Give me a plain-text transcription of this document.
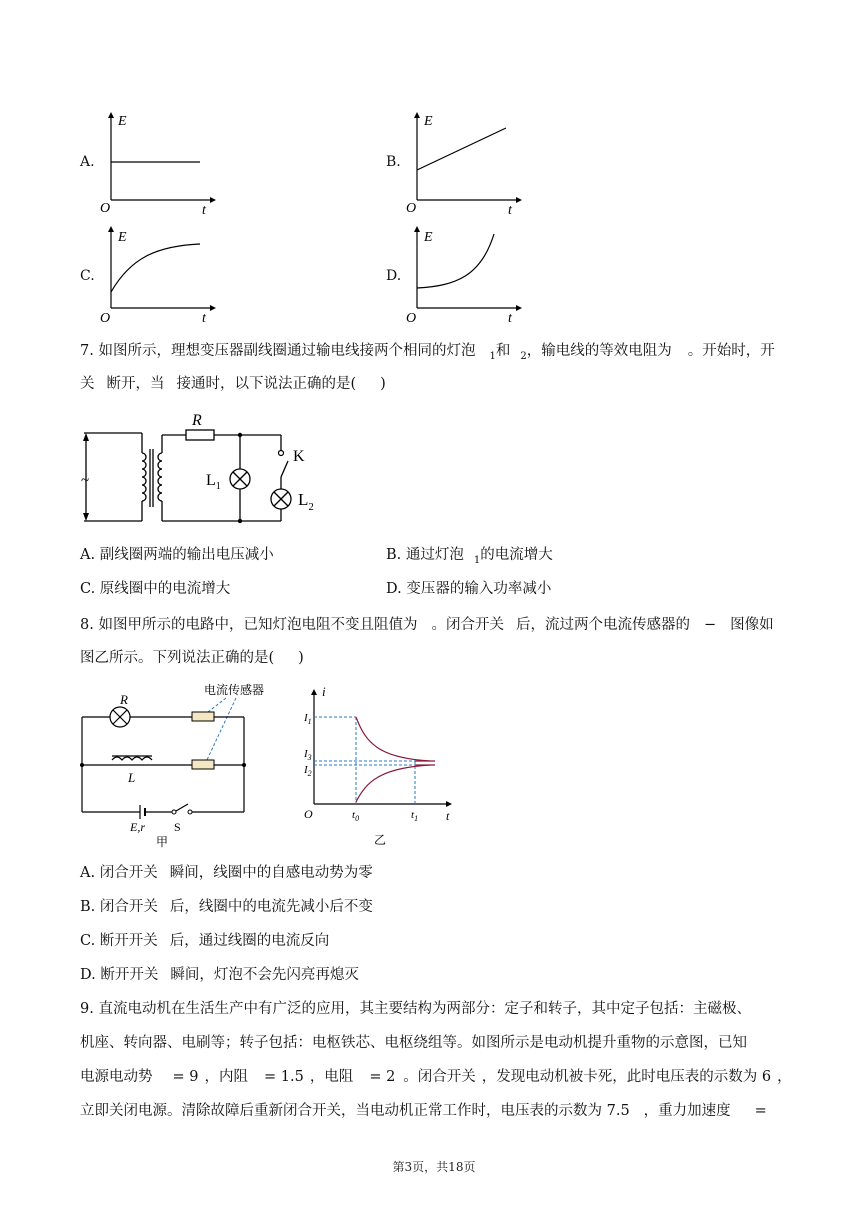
A.
E
O	t
B.
E
O	t
C.
E
O	t
D.
E
O	t
7. 如图所示，理想变压器副线圈通过输电线接两个相同的灯泡 $_1$和 $_2$，输电线的等效电阻为 。开始时，开
关 断开，当 接通时，以下说法正确的是( )
~
R
$L_1$
K
$L_2$
A. 副线圈两端的输出电压减小	B. 通过灯泡 $_1$的电流增大
C. 原线圈中的电流增大	D. 变压器的输入功率减小
8. 如图甲所示的电路中，已知灯泡电阻不变且阻值为 。闭合开关 后，流过两个电流传感器的 − 图像如
图乙所示。下列说法正确的是( )
电流传感器
R
L
E,r S
甲
i
O	t
$I_1$
$I_3$
$I_2$
$t_0$	$t_1$
乙
A. 闭合开关 瞬间，线圈中的自感电动势为零
B. 闭合开关 后，线圈中的电流先减小后不变
C. 断开开关 后，通过线圈的电流反向
D. 断开开关 瞬间，灯泡不会先闪亮再熄灭
9. 直流电动机在生活生产中有广泛的应用，其主要结构为两部分：定子和转子，其中定子包括：主磁极、
机座、转向器、电刷等；转子包括：电枢铁芯、电枢绕组等。如图所示是电动机提升重物的示意图，已知
电源电动势 = 9 ，内阻 = 1.5 ，电阻 = 2 。闭合开关 ，发现电动机被卡死，此时电压表的示数为 6 ，
立即关闭电源。清除故障后重新闭合开关，当电动机正常工作时，电压表的示数为 7.5 ，重力加速度 =
第3页，共18页
